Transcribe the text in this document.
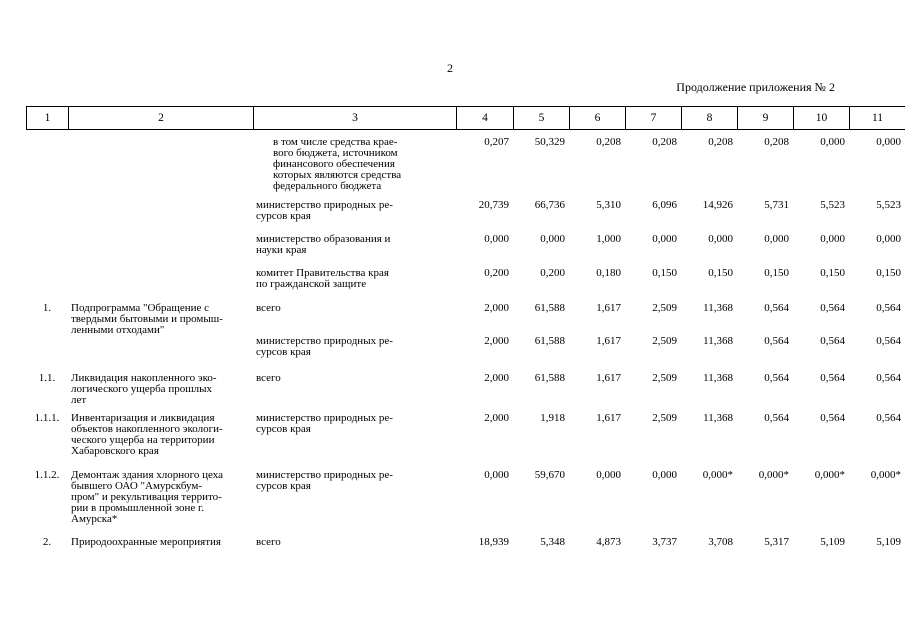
2
Продолжение приложения № 2
1	2	3	4	5	6	7	8	9	10	11
		в том числе средства крае-
вого бюджета, источником
финансового обеспечения
которых являются средства
федерального бюджета	0,207	50,329	0,208	0,208	0,208	0,208	0,000	0,000
		министерство природных ре-
сурсов края	20,739	66,736	5,310	6,096	14,926	5,731	5,523	5,523
		министерство образования и
науки края	0,000	0,000	1,000	0,000	0,000	0,000	0,000	0,000
		комитет Правительства края
по гражданской защите	0,200	0,200	0,180	0,150	0,150	0,150	0,150	0,150
1.	Подпрограмма "Обращение с
твердыми бытовыми и промыш-
ленными отходами"	всего	2,000	61,588	1,617	2,509	11,368	0,564	0,564	0,564
		министерство природных ре-
сурсов края	2,000	61,588	1,617	2,509	11,368	0,564	0,564	0,564
1.1.	Ликвидация накопленного эко-
логического ущерба прошлых
лет	всего	2,000	61,588	1,617	2,509	11,368	0,564	0,564	0,564
1.1.1.	Инвентаризация и ликвидация
объектов накопленного экологи-
ческого ущерба на территории
Хабаровского края	министерство природных ре-
сурсов края	2,000	1,918	1,617	2,509	11,368	0,564	0,564	0,564
1.1.2.	Демонтаж здания хлорного цеха
бывшего ОАО "Амурскбум-
пром" и рекультивация террито-
рии в промышленной зоне г.
Амурска*	министерство природных ре-
сурсов края	0,000	59,670	0,000	0,000	0,000*	0,000*	0,000*	0,000*
2.	Природоохранные мероприятия	всего	18,939	5,348	4,873	3,737	3,708	5,317	5,109	5,109
